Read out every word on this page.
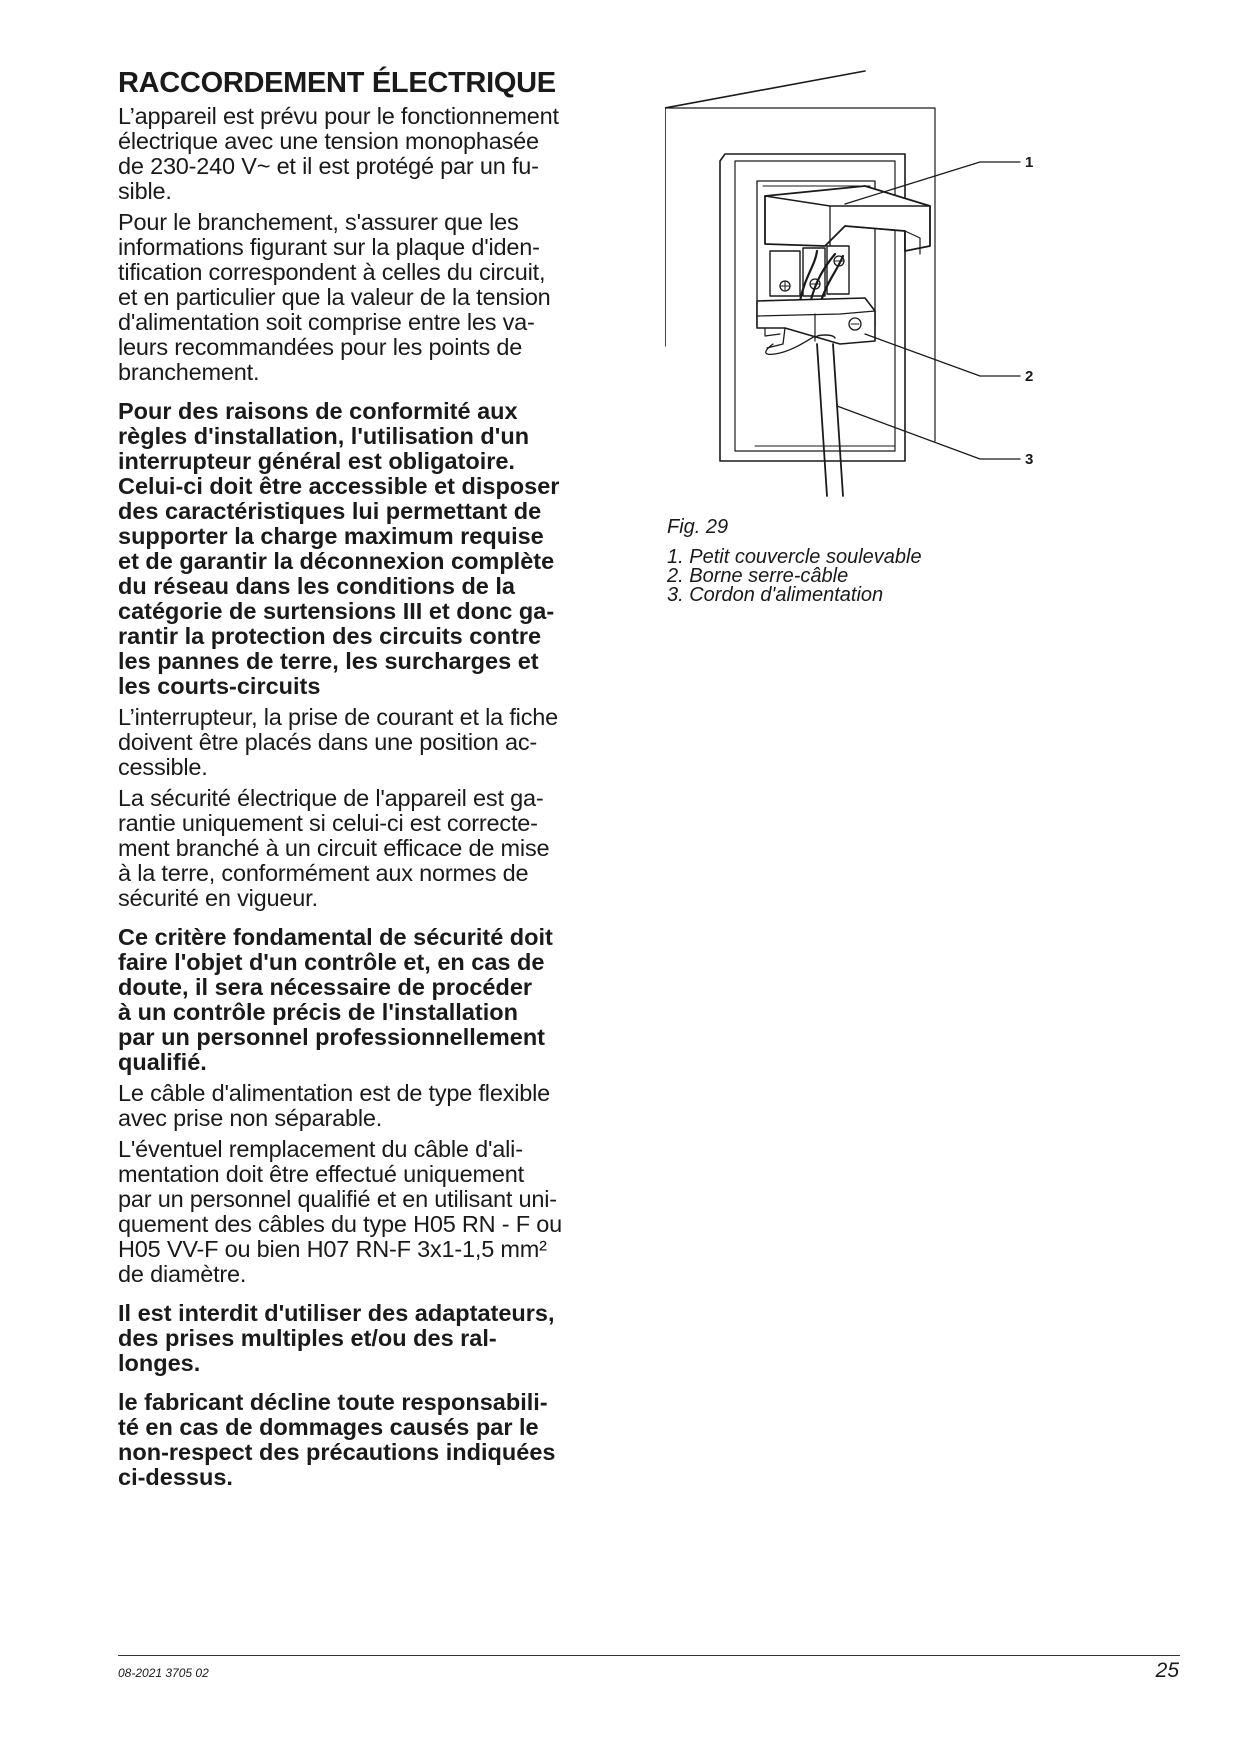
RACCORDEMENT ÉLECTRIQUE

L’appareil est prévu pour le fonctionnement
électrique avec une tension monophasée
de 230-240 V~ et il est protégé par un fu-
sible.

Pour le branchement, s'assurer que les
informations figurant sur la plaque d'iden-
tification correspondent à celles du circuit,
et en particulier que la valeur de la tension
d'alimentation soit comprise entre les va-
leurs recommandées pour les points de
branchement.

Pour des raisons de conformité aux
règles d'installation, l'utilisation d'un
interrupteur général est obligatoire.
Celui-ci doit être accessible et disposer
des caractéristiques lui permettant de
supporter la charge maximum requise
et de garantir la déconnexion complète
du réseau dans les conditions de la
catégorie de surtensions III et donc ga-
rantir la protection des circuits contre
les pannes de terre, les surcharges et
les courts-circuits

L’interrupteur, la prise de courant et la fiche
doivent être placés dans une position ac-
cessible.

La sécurité électrique de l'appareil est ga-
rantie uniquement si celui-ci est correcte-
ment branché à un circuit efficace de mise
à la terre, conformément aux normes de
sécurité en vigueur.

Ce critère fondamental de sécurité doit
faire l'objet d'un contrôle et, en cas de
doute, il sera nécessaire de procéder
à un contrôle précis de l'installation
par un personnel professionnellement
qualifié.

Le câble d'alimentation est de type flexible
avec prise non séparable.

L'éventuel remplacement du câble d'ali-
mentation doit être effectué uniquement
par un personnel qualifié et en utilisant uni-
quement des câbles du type H05 RN - F ou
H05 VV-F ou bien H07 RN-F 3x1-1,5 mm²
de diamètre.

Il est interdit d'utiliser des adaptateurs,
des prises multiples et/ou des ral-
longes.

le fabricant décline toute responsabili-
té en cas de dommages causés par le
non-respect des précautions indiquées
ci-dessus.

1
2
3
Fig. 29
1. Petit couvercle soulevable
2. Borne serre-câble
3. Cordon d'alimentation
08-2021 3705 02	25
